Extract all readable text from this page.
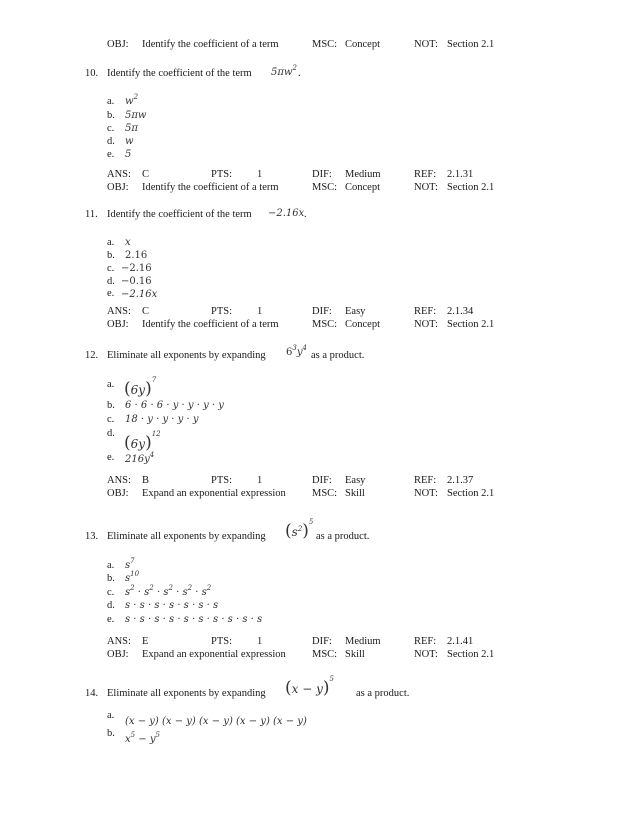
OBJ: Identify the coefficient of a term	MSC: Concept	NOT: Section 2.1
10. Identify the coefficient of the term $5\pi w^2$ .
a. $w^2$
b. 5πw
c. 5π
d. w
e. 5
ANS: C	PTS: 1	DIF: Medium	REF: 2.1.31
OBJ: Identify the coefficient of a term	MSC: Concept	NOT: Section 2.1
11. Identify the coefficient of the term −2.16x .
a. x
b. 2.16
c. −2.16
d. −0.16
e. −2.16x
ANS: C	PTS: 1	DIF: Easy	REF: 2.1.34
OBJ: Identify the coefficient of a term	MSC: Concept	NOT: Section 2.1
12. Eliminate all exponents by expanding $6^3y^4$
as a product.
a. $(6y)^7$
b. 6 · 6 · 6 · y · y · y · y
c. 18 · y · y · y · y
d. $(6y)^{12}$
e. $216y^4$
ANS: B	PTS: 1	DIF: Easy	REF: 2.1.37
OBJ: Expand an exponential expression	MSC: Skill	NOT: Section 2.1
13. Eliminate all exponents by expanding $(s^2)^5$
as a product.
a. $s^7$
b. $s^{10}$
c. $s^2 \cdot s^2 \cdot s^2 \cdot s^2 \cdot s^2$
d. s · s · s · s · s · s · s
e. s · s · s · s · s · s · s · s · s · s
ANS: E	PTS: 1	DIF: Medium	REF: 2.1.41
OBJ: Expand an exponential expression	MSC: Skill	NOT: Section 2.1
14. Eliminate all exponents by expanding $(x - y)^5$
as a product.
a.
(x − y) (x − y) (x − y) (x − y) (x − y)
b.
$x^5 - y^5$
